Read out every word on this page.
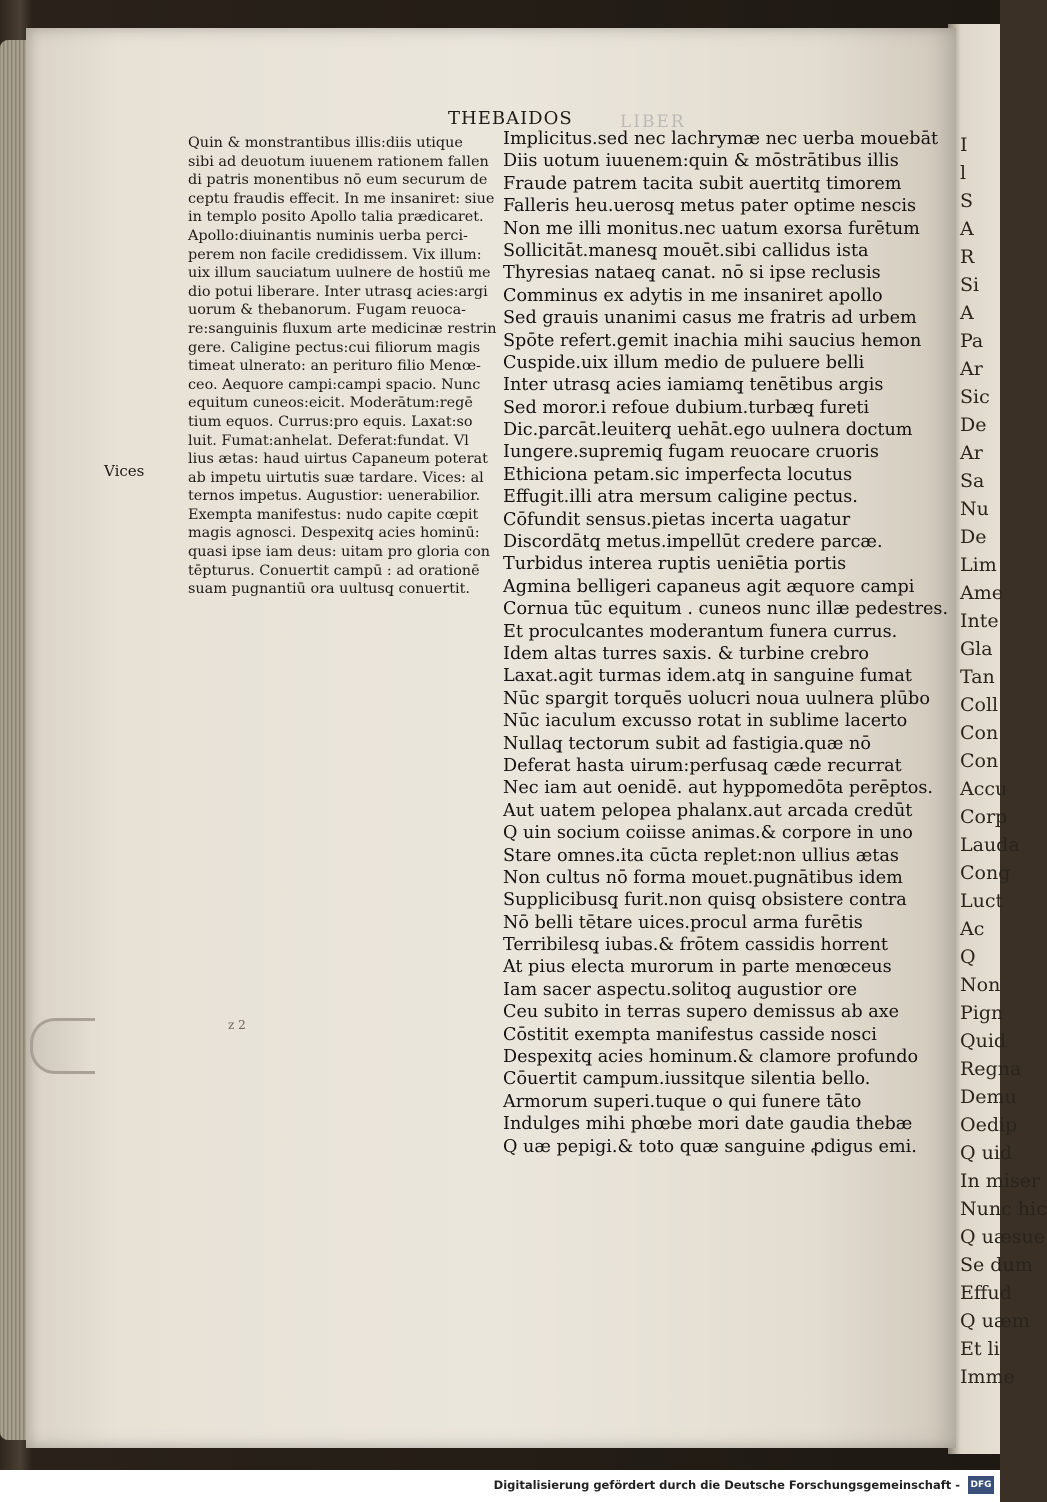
I
l
S
A
R
Si
A
Pa
Ar
Sic
De
Ar
Sa
Nu
De
Lim
Ame
Inte
Gla
Tan
Coll
Con
Con
Accu
Corp
Lauda
Cong
Luct
Ac
Q
Non
Pign
Quid
Regna
Demu
Oedip
Q uid
In miser
Nunc hic
Q uæsue
Se dum
Effud
Q uæm
Et li
Imme
LIBER
THEBAIDOS
Quin & monstrantibus illis:diis utique
sibi ad deuotum iuuenem rationem fallen
di patris monentibus nō eum securum de
ceptu fraudis effecit. In me insaniret: siue
in templo posito Apollo talia prædicaret.
Apollo:diuinantis numinis uerba perci-
perem non facile credidissem. Vix illum:
uix illum sauciatum uulnere de hostiū me
dio potui liberare. Inter utrasq̧ acies:argi
uorum & thebanorum. Fugam reuoca-
re:sanguinis fluxum arte medicinæ restrin
gere. Caligine pectus:cui filiorum magis
timeat ulnerato: an perituro filio Menœ-
ceo. Aequore campi:campi spacio. Nunc
equitum cuneos:eicit. Moderātum:regē
tium equos. Currus:pro equis. Laxat:so
luit. Fumat:anhelat. Deferat:fundat. Vl
lius ætas: haud uirtus Capaneum poterat
ab impetu uirtutis suæ tardare. Vices: al
ternos impetus. Augustior: uenerabilior.
Exempta manifestus: nudo capite cœpit
magis agnosci. Despexitq̧ acies hominū:
quasi ipse iam deus: uitam pro gloria con
tēpturus. Conuertit campū : ad orationē
suam pugnantiū ora uultusq̧ conuertit.
Vices
Implicitus.sed nec lachrymæ nec uerba mouebāt
Diis uotum iuuenem:quin & mōstrātibus illis
Fraude patrem tacita subit auertitq̧ timorem
Falleris heu.uerosq̧ metus pater optime nescis
Non me illi monitus.nec uatum exorsa furētum
Sollicitāt.manesq̧ mouēt.sibi callidus ista
Thyresias nataeq̧ canat. nō si ipse reclusis
Comminus ex adytis in me insaniret apollo
Sed grauis unanimi casus me fratris ad urbem
Spōte refert.gemit inachia mihi saucius hemon
Cuspide.uix illum medio de puluere belli
Inter utrasq̧ acies iamiamq̧ tenētibus argis
Sed moror.i refoue dubium.turbæq̧ fureti
Dic.parcāt.leuiterq̧ uehāt.ego uulnera doctum
Iungere.supremiq̧ fugam reuocare cruoris
Ethiciona petam.sic imperfecta locutus
Effugit.illi atra mersum caligine pectus.
Cōfundit sensus.pietas incerta uagatur
Discordātq̧ metus.impellūt credere parcæ.
Turbidus interea ruptis ueniētia portis
Agmina belligeri capaneus agit æquore campi
Cornua tūc equitum . cuneos nunc illæ pedestres.
Et proculcantes moderantum funera currus.
Idem altas turres saxis. & turbine crebro
Laxat.agit turmas idem.atq̧ in sanguine fumat
Nūc spargit torquēs uolucri noua uulnera plūbo
Nūc iaculum excusso rotat in sublime lacerto
Nullaq̧ tectorum subit ad fastigia.quæ nō
Deferat hasta uirum:perfusaq̧ cæde recurrat
Nec iam aut oenidē. aut hyppomedōta perēptos.
Aut uatem pelopea phalanx.aut arcada credūt
Q uin socium coiisse animas.& corpore in uno
Stare omnes.ita cūcta replet:non ullius ætas
Non cultus nō forma mouet.pugnātibus idem
Supplicibusq̧ furit.non quisq̧ obsistere contra
Nō belli tētare uices.procul arma furētis
Terribilesq̧ iubas.& frōtem cassidis horrent
At pius electa murorum in parte menœceus
Iam sacer aspectu.solitoq̧ augustior ore
Ceu subito in terras supero demissus ab axe
Cōstitit exempta manifestus casside nosci
Despexitq̧ acies hominum.& clamore profundo
Cōuertit campum.iussitque silentia bello.
Armorum superi.tuque o qui funere tāto
Indulges mihi phœbe mori date gaudia thebæ
Q uæ pepigi.& toto quæ sanguine ꝓdigus emi.
z 2
Digitalisierung gefördert durch die Deutsche Forschungsgemeinschaft - DFG
